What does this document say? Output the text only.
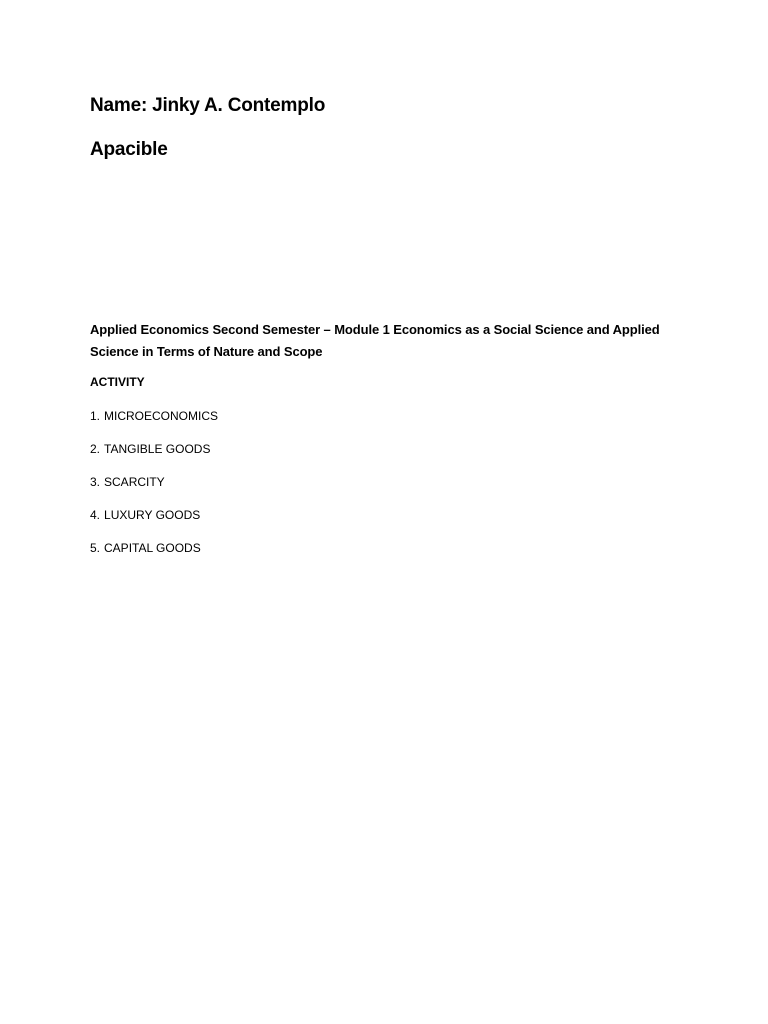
Name: Jinky A. Contemplo
Apacible

Applied Economics Second Semester – Module 1 Economics as a Social Science and Applied Science in Terms of Nature and Scope

ACTIVITY

1. MICROECONOMICS
2. TANGIBLE GOODS
3. SCARCITY
4. LUXURY GOODS
5. CAPITAL GOODS
